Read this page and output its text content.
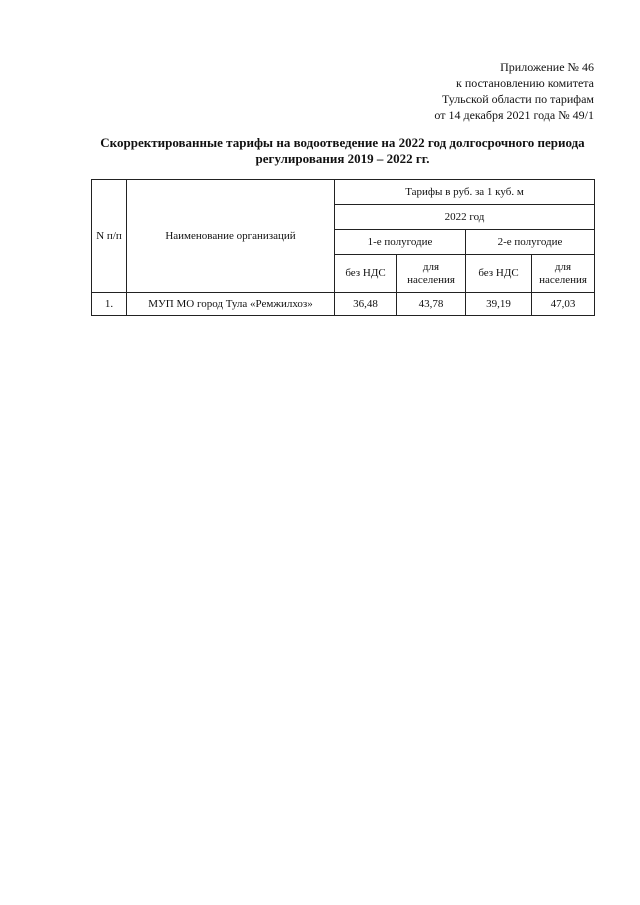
Приложение № 46
к постановлению комитета
Тульской области по тарифам
от 14 декабря 2021 года № 49/1
Скорректированные тарифы на водоотведение на 2022 год долгосрочного периода
регулирования 2019 – 2022 гг.
N п/п	Наименование организаций	Тарифы в руб. за 1 куб. м			
		2022 год			
		1-е полугодие		2-е полугодие	
		без НДС	для населения	без НДС	для населения
1.	МУП МО город Тула «Ремжилхоз»	36,48	43,78	39,19	47,03
